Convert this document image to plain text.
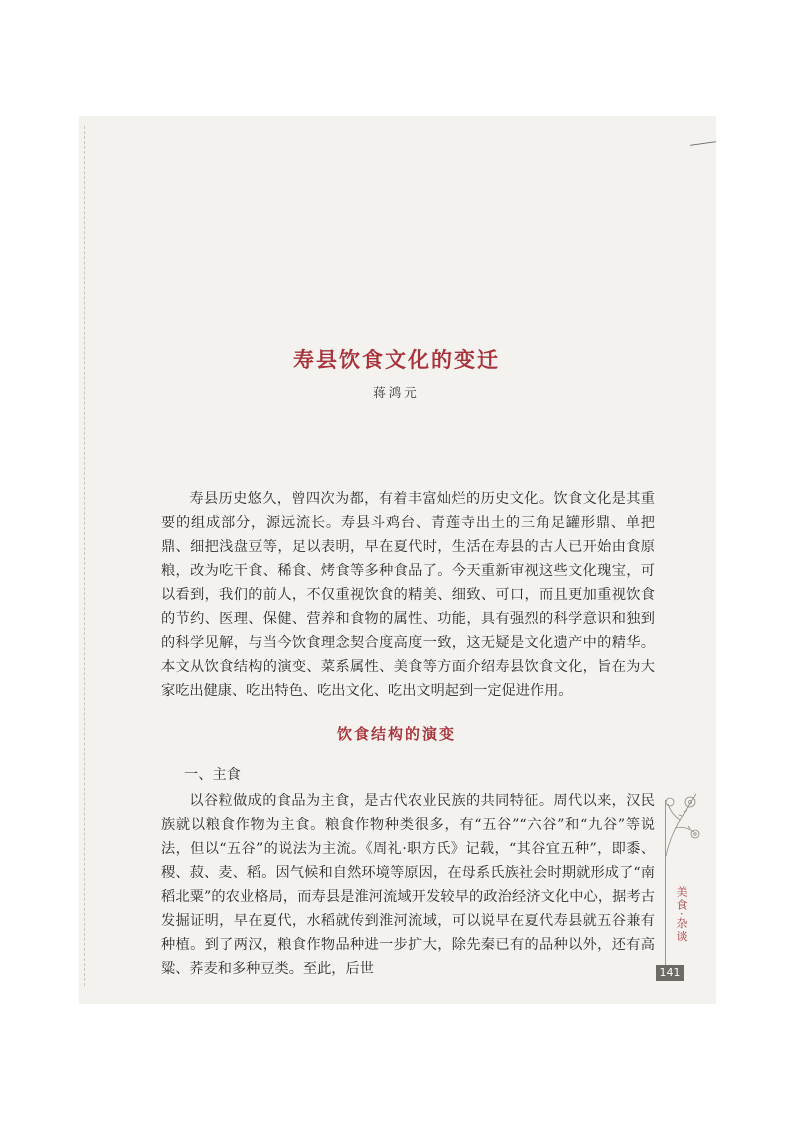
寿县饮食文化的变迁
蒋鸿元

寿县历史悠久，曾四次为都，有着丰富灿烂的历史文化。饮食文化是其重要的组成部分，源远流长。寿县斗鸡台、青莲寺出土的三角足罐形鼎、单把鼎、细把浅盘豆等，足以表明，早在夏代时，生活在寿县的古人已开始由食原粮，改为吃干食、稀食、烤食等多种食品了。今天重新审视这些文化瑰宝，可以看到，我们的前人，不仅重视饮食的精美、细致、可口，而且更加重视饮食的节约、医理、保健、营养和食物的属性、功能，具有强烈的科学意识和独到的科学见解，与当今饮食理念契合度高度一致，这无疑是文化遗产中的精华。本文从饮食结构的演变、菜系属性、美食等方面介绍寿县饮食文化，旨在为大家吃出健康、吃出特色、吃出文化、吃出文明起到一定促进作用。

饮食结构的演变
一、主食

以谷粒做成的食品为主食，是古代农业民族的共同特征。周代以来，汉民族就以粮食作物为主食。粮食作物种类很多，有“五谷”“六谷”和“九谷”等说法，但以“五谷”的说法为主流。《周礼·职方氏》记载，“其谷宜五种”，即黍、稷、菽、麦、稻。因气候和自然环境等原因，在母系氏族社会时期就形成了“南稻北粟”的农业格局，而寿县是淮河流域开发较早的政治经济文化中心，据考古发掘证明，早在夏代，水稻就传到淮河流域，可以说早在夏代寿县就五谷兼有种植。到了两汉，粮食作物品种进一步扩大，除先秦已有的品种以外，还有高粱、荞麦和多种豆类。至此，后世

美食·杂谈
141
